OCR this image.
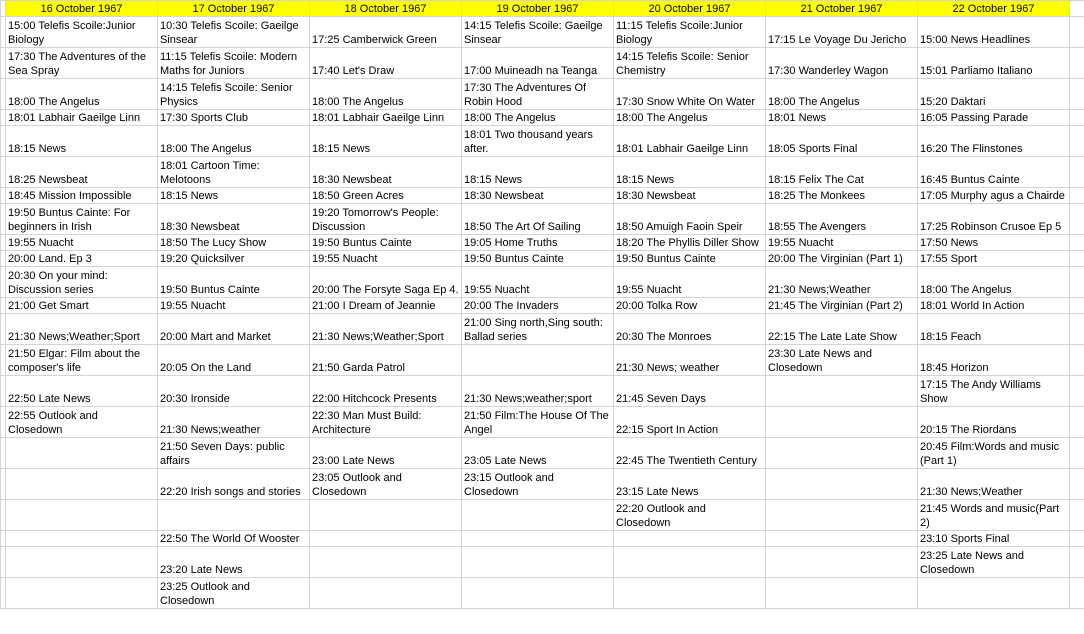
	16 October 1967	17 October 1967	18 October 1967	19 October 1967	20 October 1967	21 October 1967	22 October 1967	
	15:00 Telefis Scoile:Junior Biology	10:30 Telefis Scoile: Gaeilge Sinsear	17:25 Camberwick Green	14:15 Telefis Scoile: Gaeilge Sinsear	11:15 Telefis Scoile:Junior Biology	17:15 Le Voyage Du Jericho	15:00 News Headlines	
	17:30 The Adventures of the Sea Spray	11:15 Telefis Scoile: Modern Maths for Juniors	17:40 Let's Draw	17:00 Muineadh na Teanga	14:15 Telefis Scoile: Senior Chemistry	17:30 Wanderley Wagon	15:01 Parliamo Italiano	
	18:00 The Angelus	14:15 Telefis Scoile: Senior Physics	18:00 The Angelus	17:30 The Adventures Of Robin Hood	17:30 Snow White On Water	18:00 The Angelus	15:20 Daktari	
	18:01 Labhair Gaeilge Linn	17:30 Sports Club	18:01 Labhair Gaeilge Linn	18:00 The Angelus	18:00 The Angelus	18:01 News	16:05 Passing Parade	
	18:15 News	18:00 The Angelus	18:15 News	18:01 Two thousand years after.	18:01 Labhair Gaeilge Linn	18:05 Sports Final	16:20 The Flinstones	
	18:25 Newsbeat	18:01 Cartoon Time: Melotoons	18:30 Newsbeat	18:15 News	18:15 News	18:15 Felix The Cat	16:45 Buntus Cainte	
	18:45 Mission Impossible	18:15 News	18:50 Green Acres	18:30 Newsbeat	18:30 Newsbeat	18:25 The Monkees	17:05 Murphy agus a Chairde	
	19:50 Buntus Cainte: For beginners in Irish	18:30 Newsbeat	19:20 Tomorrow's People: Discussion	18:50 The Art Of Sailing	18:50 Amuigh Faoin Speir	18:55 The Avengers	17:25 Robinson Crusoe Ep 5	
	19:55 Nuacht	18:50 The Lucy Show	19:50 Buntus Cainte	19:05 Home Truths	18:20 The Phyllis Diller Show	19:55 Nuacht	17:50 News	
	20:00 Land. Ep 3	19:20 Quicksilver	19:55 Nuacht	19:50 Buntus Cainte	19:50 Buntus Cainte	20:00 The Virginian (Part 1)	17:55 Sport	
	20:30 On your mind: Discussion series	19:50 Buntus Cainte	20:00 The Forsyte Saga Ep 4.	19:55 Nuacht	19:55 Nuacht	21:30 News;Weather	18:00 The Angelus	
	21:00 Get Smart	19:55 Nuacht	21:00 I Dream of Jeannie	20:00 The Invaders	20:00 Tolka Row	21:45 The Virginian (Part 2)	18:01 World In Action	
	21:30 News;Weather;Sport	20:00 Mart and Market	21:30 News;Weather;Sport	21:00 Sing north,Sing south: Ballad series	20:30 The Monroes	22:15 The Late Late Show	18:15 Feach	
	21:50 Elgar: Film about the composer's life	20:05 On the Land	21:50 Garda Patrol		21:30 News; weather	23:30 Late News and Closedown	18:45 Horizon	
	22:50 Late News	20:30 Ironside	22:00 Hitchcock Presents	21:30 News;weather;sport	21:45 Seven Days		17:15 The Andy Williams Show	
	22:55 Outlook and Closedown	21:30 News;weather	22:30 Man Must Build: Architecture	21:50 Film:The House Of The Angel	22:15 Sport In Action		20:15 The Riordans	
		21:50 Seven Days: public affairs	23:00 Late News	23:05 Late News	22:45 The Twentieth Century		20:45 Film:Words and music (Part 1)	
		22:20 Irish songs and stories	23:05 Outlook and Closedown	23:15 Outlook and Closedown	23:15 Late News		21:30 News;Weather	
					22:20 Outlook and Closedown		21:45 Words and music(Part 2)	
		22:50 The World Of Wooster					23:10 Sports Final	
		23:20 Late News					23:25 Late News and Closedown	
		23:25 Outlook and Closedown						
